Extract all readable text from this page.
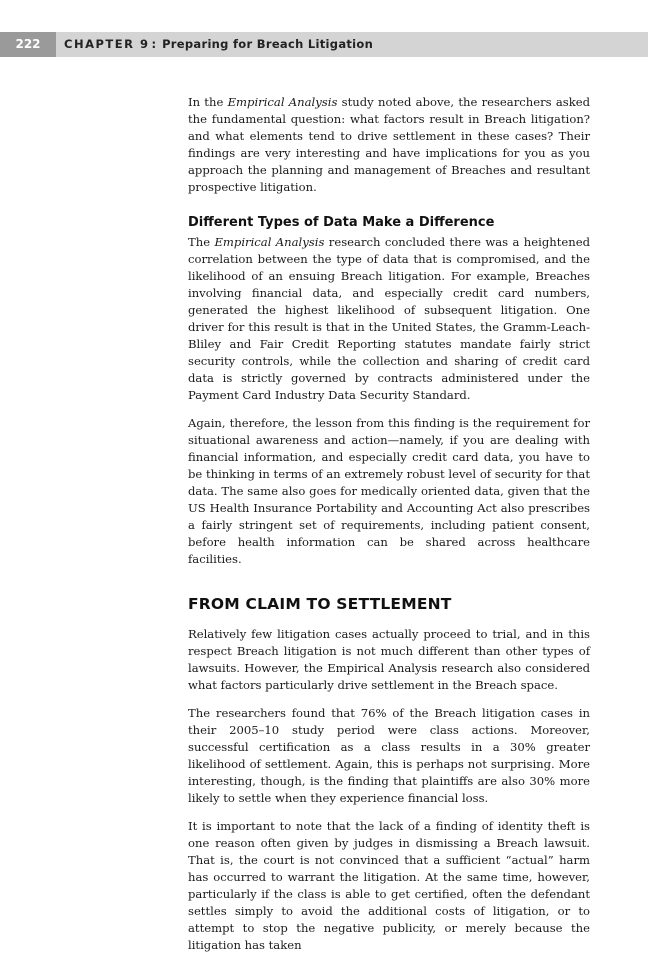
222	CHAPTER 9 : Preparing for Breach Litigation

In the Empirical Analysis study noted above, the researchers asked the fundamental question: what factors result in Breach litigation? and what elements tend to drive settlement in these cases? Their findings are very interesting and have implications for you as you approach the planning and management of Breaches and resultant prospective litigation.

Different Types of Data Make a Difference

The Empirical Analysis research concluded there was a heightened correlation between the type of data that is compromised, and the likelihood of an ensuing Breach litigation. For example, Breaches involving financial data, and especially credit card numbers, generated the highest likelihood of subsequent litigation. One driver for this result is that in the United States, the Gramm-Leach-Bliley and Fair Credit Reporting statutes mandate fairly strict security controls, while the collection and sharing of credit card data is strictly governed by contracts administered under the Payment Card Industry Data Security Standard.

Again, therefore, the lesson from this finding is the requirement for situational awareness and action—namely, if you are dealing with financial information, and especially credit card data, you have to be thinking in terms of an extremely robust level of security for that data. The same also goes for medically oriented data, given that the US Health Insurance Portability and Accounting Act also prescribes a fairly stringent set of requirements, including patient consent, before health information can be shared across healthcare facilities.

FROM CLAIM TO SETTLEMENT

Relatively few litigation cases actually proceed to trial, and in this respect Breach litigation is not much different than other types of lawsuits. However, the Empirical Analysis research also considered what factors particularly drive settlement in the Breach space.

The researchers found that 76% of the Breach litigation cases in their 2005–10 study period were class actions. Moreover, successful certification as a class results in a 30% greater likelihood of settlement. Again, this is perhaps not surprising. More interesting, though, is the finding that plaintiffs are also 30% more likely to settle when they experience financial loss.

It is important to note that the lack of a finding of identity theft is one reason often given by judges in dismissing a Breach lawsuit. That is, the court is not convinced that a sufficient “actual” harm has occurred to warrant the litigation. At the same time, however, particularly if the class is able to get certified, often the defendant settles simply to avoid the additional costs of litigation, or to attempt to stop the negative publicity, or merely because the litigation has taken
